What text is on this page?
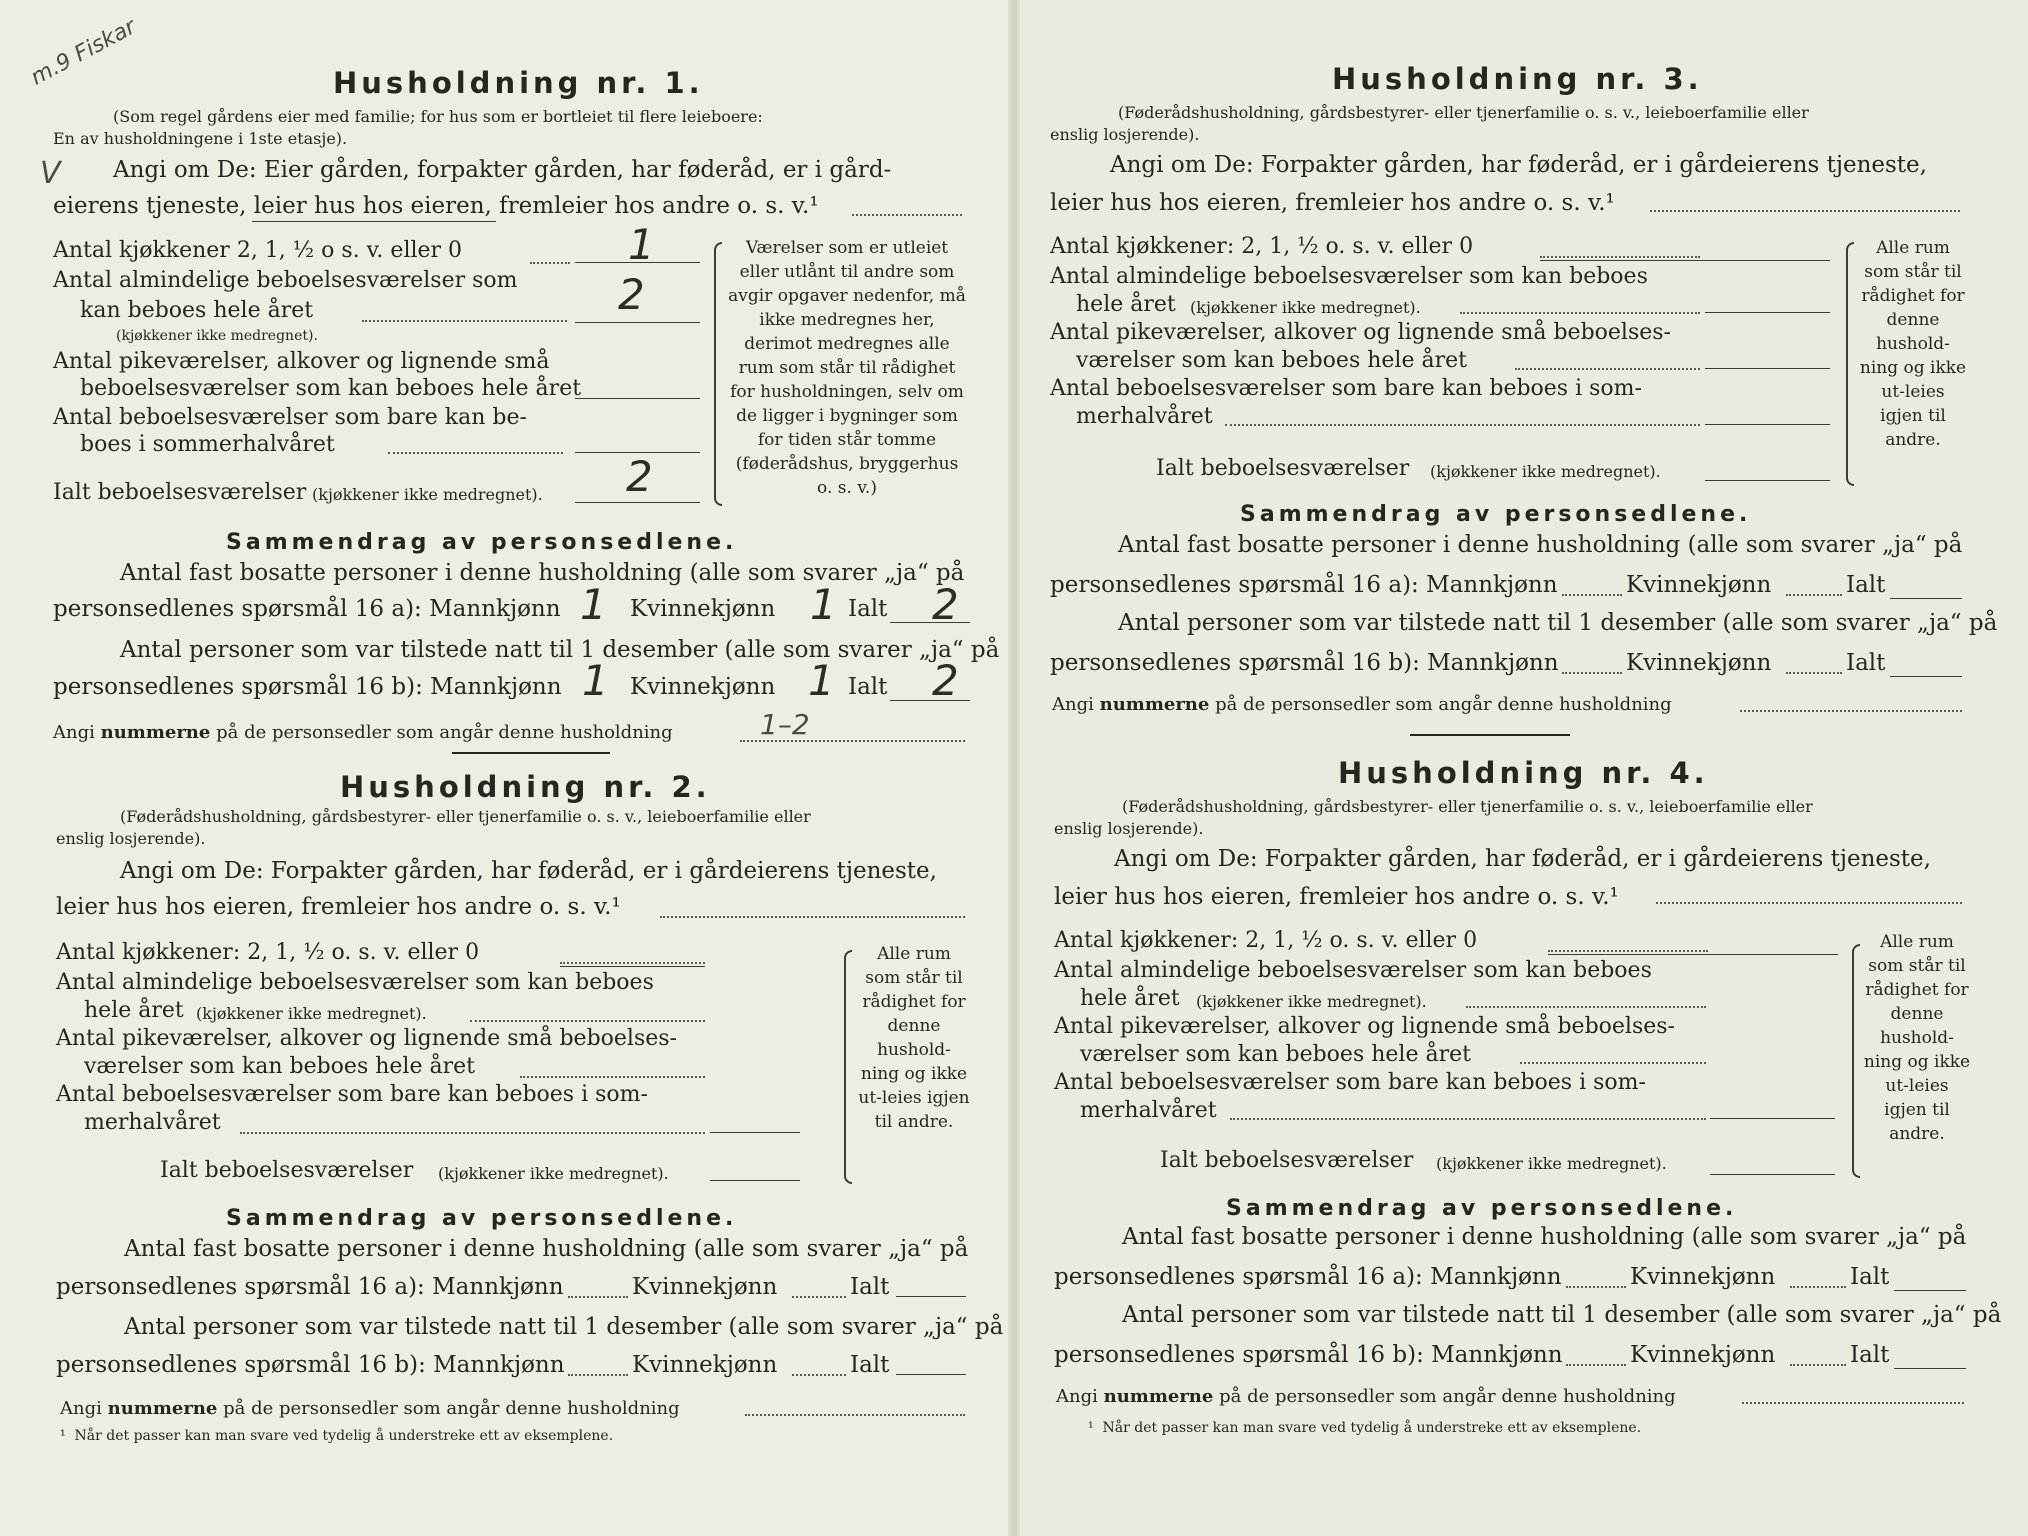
m.9 Fiskar	Husholdning nr. 1.
(Som regel gårdens eier med familie; for hus som er bortleiet til flere leieboere:
En av husholdningene i 1ste etasje).
V Angi om De: Eier gården, forpakter gården, har føderåd, er i gård-
eierens tjeneste, leier hus hos eieren, fremleier hos andre o. s. v.¹
Antal kjøkkener 2, 1, ½ o s. v. eller 0	1
Antal almindelige beboelsesværelser som
kan beboes hele året	2
(kjøkkener ikke medregnet).
Antal pikeværelser, alkover og lignende små
beboelsesværelser som kan beboes hele året
Antal beboelsesværelser som bare kan be-
boes i sommerhalvåret
Ialt beboelsesværelser (kjøkkener ikke medregnet). 2
Værelser som er utleiet eller utlånt til andre som avgir opgaver nedenfor, må ikke medregnes her, derimot medregnes alle rum som står til rådighet for husholdningen, selv om de ligger i bygninger som for tiden står tomme (føderådshus, bryggerhus o. s. v.)
Sammendrag av personsedlene.
Antal fast bosatte personer i denne husholdning (alle som svarer „ja“ på
personsedlenes spørsmål 16 a): Mannkjønn 1 Kvinnekjønn 1 Ialt 2
Antal personer som var tilstede natt til 1 desember (alle som svarer „ja“ på
personsedlenes spørsmål 16 b): Mannkjønn 1 Kvinnekjønn 1 Ialt 2
Angi nummerne på de personsedler som angår denne husholdning	1–2
Husholdning nr. 2.
(Føderådshusholdning, gårdsbestyrer- eller tjenerfamilie o. s. v., leieboerfamilie eller
enslig losjerende).
Angi om De: Forpakter gården, har føderåd, er i gårdeierens tjeneste,
leier hus hos eieren, fremleier hos andre o. s. v.¹
Antal kjøkkener: 2, 1, ½ o. s. v. eller 0
Antal almindelige beboelsesværelser som kan beboes
hele året (kjøkkener ikke medregnet).
Antal pikeværelser, alkover og lignende små beboelses-
værelser som kan beboes hele året
Antal beboelsesværelser som bare kan beboes i som-
merhalvåret
Ialt beboelsesværelser (kjøkkener ikke medregnet).
Alle rum som står til rådighet for denne hushold-ning og ikke ut-leies igjen til andre.
Sammendrag av personsedlene.
Antal fast bosatte personer i denne husholdning (alle som svarer „ja“ på
personsedlenes spørsmål 16 a): Mannkjønn	Kvinnekjønn	Ialt
Antal personer som var tilstede natt til 1 desember (alle som svarer „ja“ på
personsedlenes spørsmål 16 b): Mannkjønn	Kvinnekjønn	Ialt
Angi nummerne på de personsedler som angår denne husholdning
¹  Når det passer kan man svare ved tydelig å understreke ett av eksemplene.
Husholdning nr. 3.
(Føderådshusholdning, gårdsbestyrer- eller tjenerfamilie o. s. v., leieboerfamilie eller
enslig losjerende).
Angi om De: Forpakter gården, har føderåd, er i gårdeierens tjeneste,
leier hus hos eieren, fremleier hos andre o. s. v.¹
Antal kjøkkener: 2, 1, ½ o. s. v. eller 0
Antal almindelige beboelsesværelser som kan beboes
hele året (kjøkkener ikke medregnet).
Antal pikeværelser, alkover og lignende små beboelses-
værelser som kan beboes hele året
Antal beboelsesværelser som bare kan beboes i som-
merhalvåret
Ialt beboelsesværelser (kjøkkener ikke medregnet).
Alle rum som står til rådighet for denne hushold-ning og ikke ut-leies igjen til andre.
Sammendrag av personsedlene.
Antal fast bosatte personer i denne husholdning (alle som svarer „ja“ på
personsedlenes spørsmål 16 a): Mannkjønn	Kvinnekjønn	Ialt
Antal personer som var tilstede natt til 1 desember (alle som svarer „ja“ på
personsedlenes spørsmål 16 b): Mannkjønn	Kvinnekjønn	Ialt
Angi nummerne på de personsedler som angår denne husholdning
Husholdning nr. 4.
(Føderådshusholdning, gårdsbestyrer- eller tjenerfamilie o. s. v., leieboerfamilie eller
enslig losjerende).
Angi om De: Forpakter gården, har føderåd, er i gårdeierens tjeneste,
leier hus hos eieren, fremleier hos andre o. s. v.¹
Antal kjøkkener: 2, 1, ½ o. s. v. eller 0
Antal almindelige beboelsesværelser som kan beboes
hele året (kjøkkener ikke medregnet).
Antal pikeværelser, alkover og lignende små beboelses-
værelser som kan beboes hele året
Antal beboelsesværelser som bare kan beboes i som-
merhalvåret
Ialt beboelsesværelser (kjøkkener ikke medregnet).
Alle rum som står til rådighet for denne hushold-ning og ikke ut-leies igjen til andre.
Sammendrag av personsedlene.
Antal fast bosatte personer i denne husholdning (alle som svarer „ja“ på
personsedlenes spørsmål 16 a): Mannkjønn	Kvinnekjønn	Ialt
Antal personer som var tilstede natt til 1 desember (alle som svarer „ja“ på
personsedlenes spørsmål 16 b): Mannkjønn	Kvinnekjønn	Ialt
Angi nummerne på de personsedler som angår denne husholdning
¹  Når det passer kan man svare ved tydelig å understreke ett av eksemplene.
